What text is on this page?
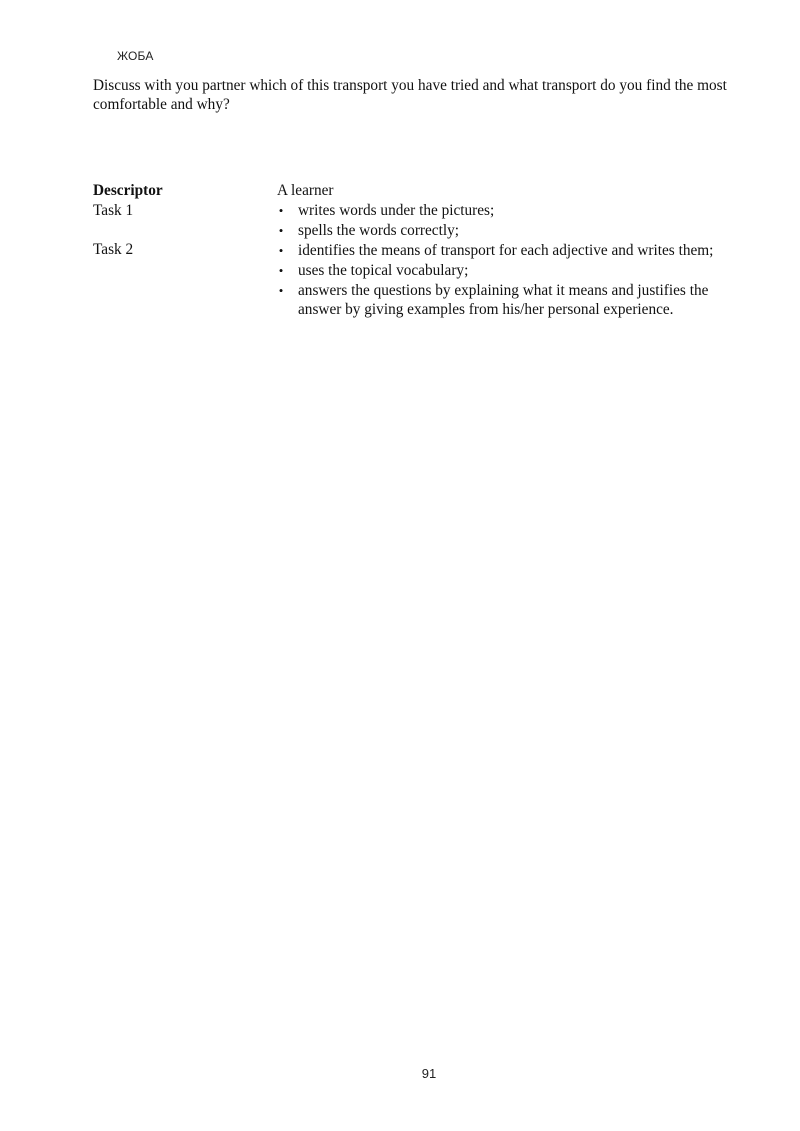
ЖОБА
Discuss with you partner which of this transport you have tried and what transport do you find the most comfortable and why?
Descriptor
Task 1
Task 2
A learner
• writes words under the pictures;
• spells the words correctly;
• identifies the means of transport for each adjective and writes them;
• uses the topical vocabulary;
• answers the questions by explaining what it means and justifies the answer by giving examples from his/her personal experience.
91
